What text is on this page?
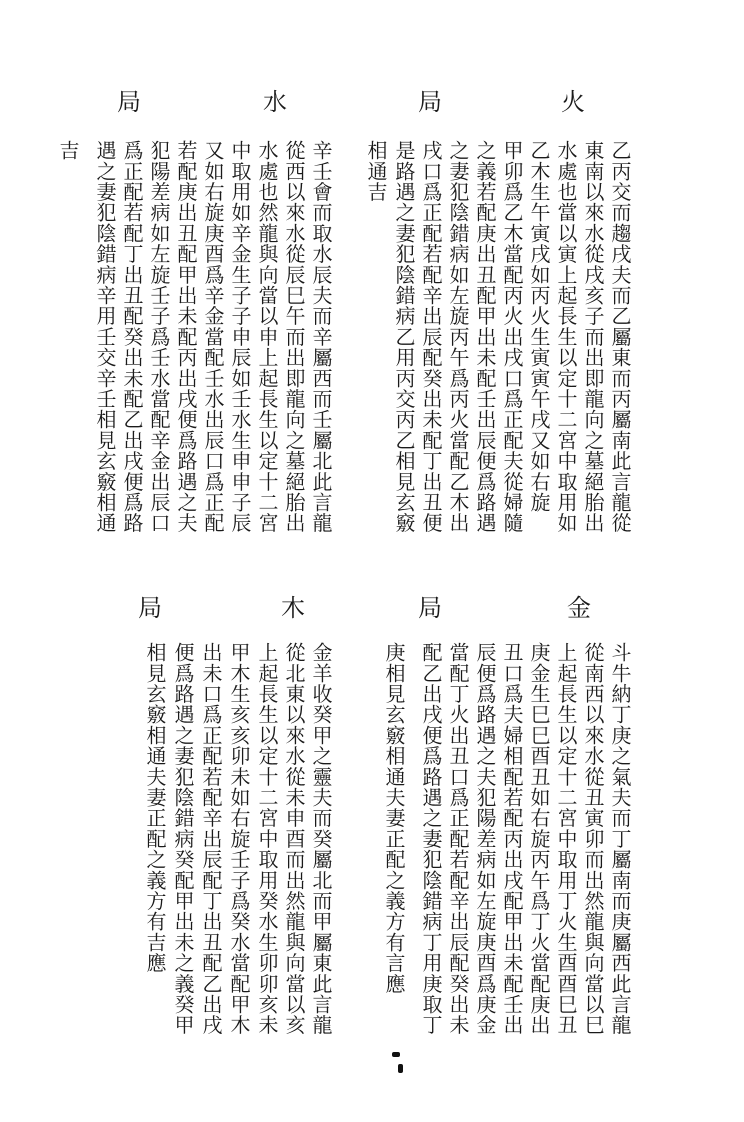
火
局
水
局
乙丙交而趨戌夫而乙屬東而丙屬南此言龍從
東南以來水從戌亥子而出即龍向之墓絕胎出
水處也當以寅上起長生以定十二宮中取用如
乙木生午寅戌如丙火生寅寅午戌又如右旋
甲卯爲乙木當配丙火出戌口爲正配夫從婦隨
之義若配庚出丑配甲出未配壬出辰便爲路遇
之妻犯陰錯病如左旋丙午爲丙火當配乙木出
戌口爲正配若配辛出辰配癸出未配丁出丑便
是路遇之妻犯陰錯病乙用丙交丙乙相見玄竅
相通吉
辛壬會而取水辰夫而辛屬西而壬屬北此言龍
從西以來水從辰巳午而出即龍向之墓絕胎出
水處也然龍與向當以申上起長生以定十二宮
中取用如辛金生子子申辰如壬水生申申子辰
又如右旋庚酉爲辛金當配壬水出辰口爲正配
若配庚出丑配甲出未配丙出戌便爲路遇之夫
犯陽差病如左旋壬子爲壬水當配辛金出辰口
爲正配若配丁出丑配癸出未配乙出戌便爲路
遇之妻犯陰錯病辛用壬交辛壬相見玄竅相通
吉
金
局
木
局
斗牛納丁庚之氣夫而丁屬南而庚屬西此言龍
從南西以來水從丑寅卯而出然龍與向當以巳
上起長生以定十二宮中取用丁火生酉酉巳丑
庚金生巳巳酉丑如右旋丙午爲丁火當配庚出
丑口爲夫婦相配若配丙出戌配甲出未配壬出
辰便爲路遇之夫犯陽差病如左旋庚酉爲庚金
當配丁火出丑口爲正配若配辛出辰配癸出未
配乙出戌便爲路遇之妻犯陰錯病丁用庚取丁
庚相見玄竅相通夫妻正配之義方有言應
金羊收癸甲之靈夫而癸屬北而甲屬東此言龍
從北東以來水從未申酉而出然龍與向當以亥
上起長生以定十二宮中取用癸水生卯卯亥未
甲木生亥亥卯未如右旋壬子爲癸水當配甲木
出未口爲正配若配辛出辰配丁出丑配乙出戌
便爲路遇之妻犯陰錯病癸配甲出未之義癸甲
相見玄竅相通夫妻正配之義方有吉應
